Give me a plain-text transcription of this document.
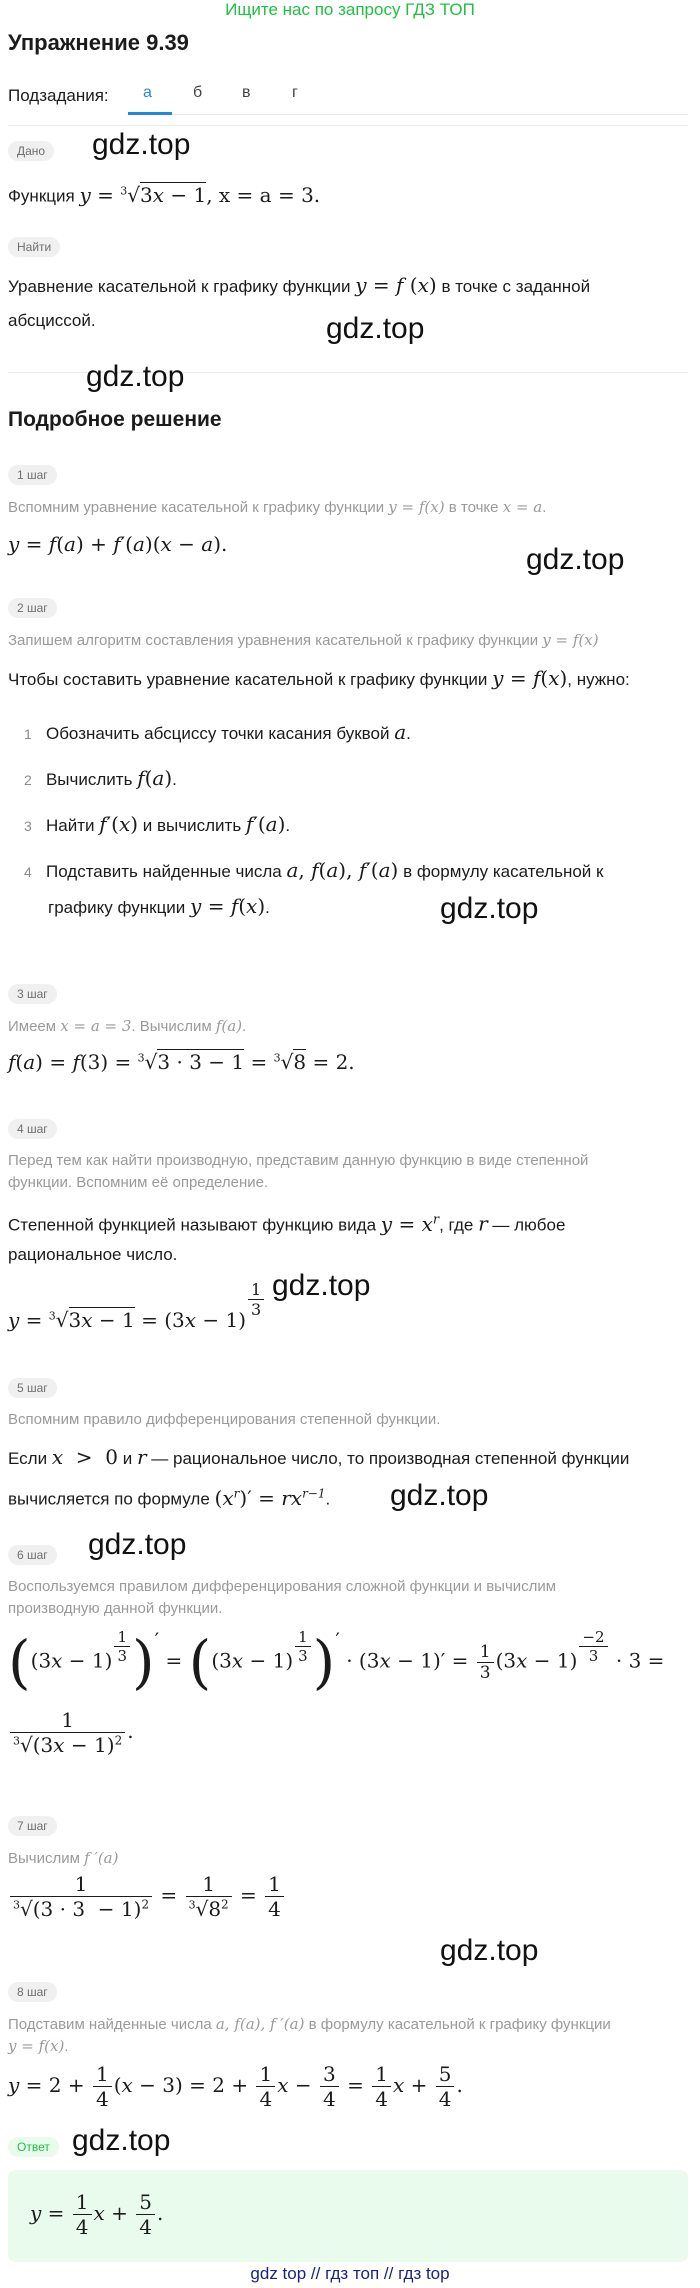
Ищите нас по запросу ГДЗ ТОП
Упражнение 9.39
Подзадания: а	б в	г
Дано	gdz.top
Функция y = $^3$√3x − 1, x = a = 3.
Найти
Уравнение касательной к графику функции y = f (x) в точке с заданной
абсциссой.	gdz.top
gdz.top
Подробное решение
1 шаг
Вспомним уравнение касательной к графику функции y = f(x) в точке x = a.
y = f(a) + f′(a)(x − a).	gdz.top
2 шаг
Запишем алгоритм составления уравнения касательной к графику функции y = f(x)
Чтобы составить уравнение касательной к графику функции y = f(x), нужно:
1 Обозначить абсциссу точки касания буквой a.
2 Вычислить f(a).
3 Найти f′(x) и вычислить f′(a).
4 Подставить найденные числа a, f(a), f′(a) в формулу касательной к
графику функции y = f(x).	gdz.top
3 шаг
Имеем x = a = 3. Вычислим f(a).
f(a) = f(3) = $^3$√3 · 3 − 1 = $^3$√8 = 2.
4 шаг
Перед тем как найти производную, представим данную функцию в виде степенной
функции. Вспомним её определение.
Степенной функцией называют функцию вида $y = x^r$, где r — любое
рациональное число.
y = $^3$√3x − 1 = (3x − 1)
$\frac{1}{3} gdz.top$
5 шаг
Вспомним правило дифференцирования степенной функции.
Если x  >  0 и r — рациональное число, то производная степенной функции
вычисляется по формуле $(x^r)' = rx^{r-1}$. gdz.top
6 шаг	gdz.top
Воспользуемся правилом дифференцирования сложной функции и вычислим
производную данной функции.
($(3x - 1) \frac{1}{3}$ )′ = ($(3x - 1) \frac{1}{3}$ )′ · $(3x - 1)' = \frac{1}{3} (3x - 1) \frac{-2}{3} \cdot 3$ =
$\frac{1}{^3√(3x - 1)^2}$ .
7 шаг
Вычислим f ′(a)
$\frac{1}{^3√(3 \cdot 3 - 1)^2} = \frac{1}{^3√8^2} = \frac{1}{4}$
gdz.top
8 шаг
Подставим найденные числа a, f(a), f ′(a) в формулу касательной к графику функции
y = f(x).
$y = 2 + \frac{1}{4} (x - 3) = 2 + \frac{1}{4}$ $x - \frac{3}{4} = \frac{1}{4}$ $x + \frac{5}{4}$ .
Ответ gdz.top
$y = \frac{1}{4}$ $x + \frac{5}{4}$ .
gdz top // гдз топ // гдз top
